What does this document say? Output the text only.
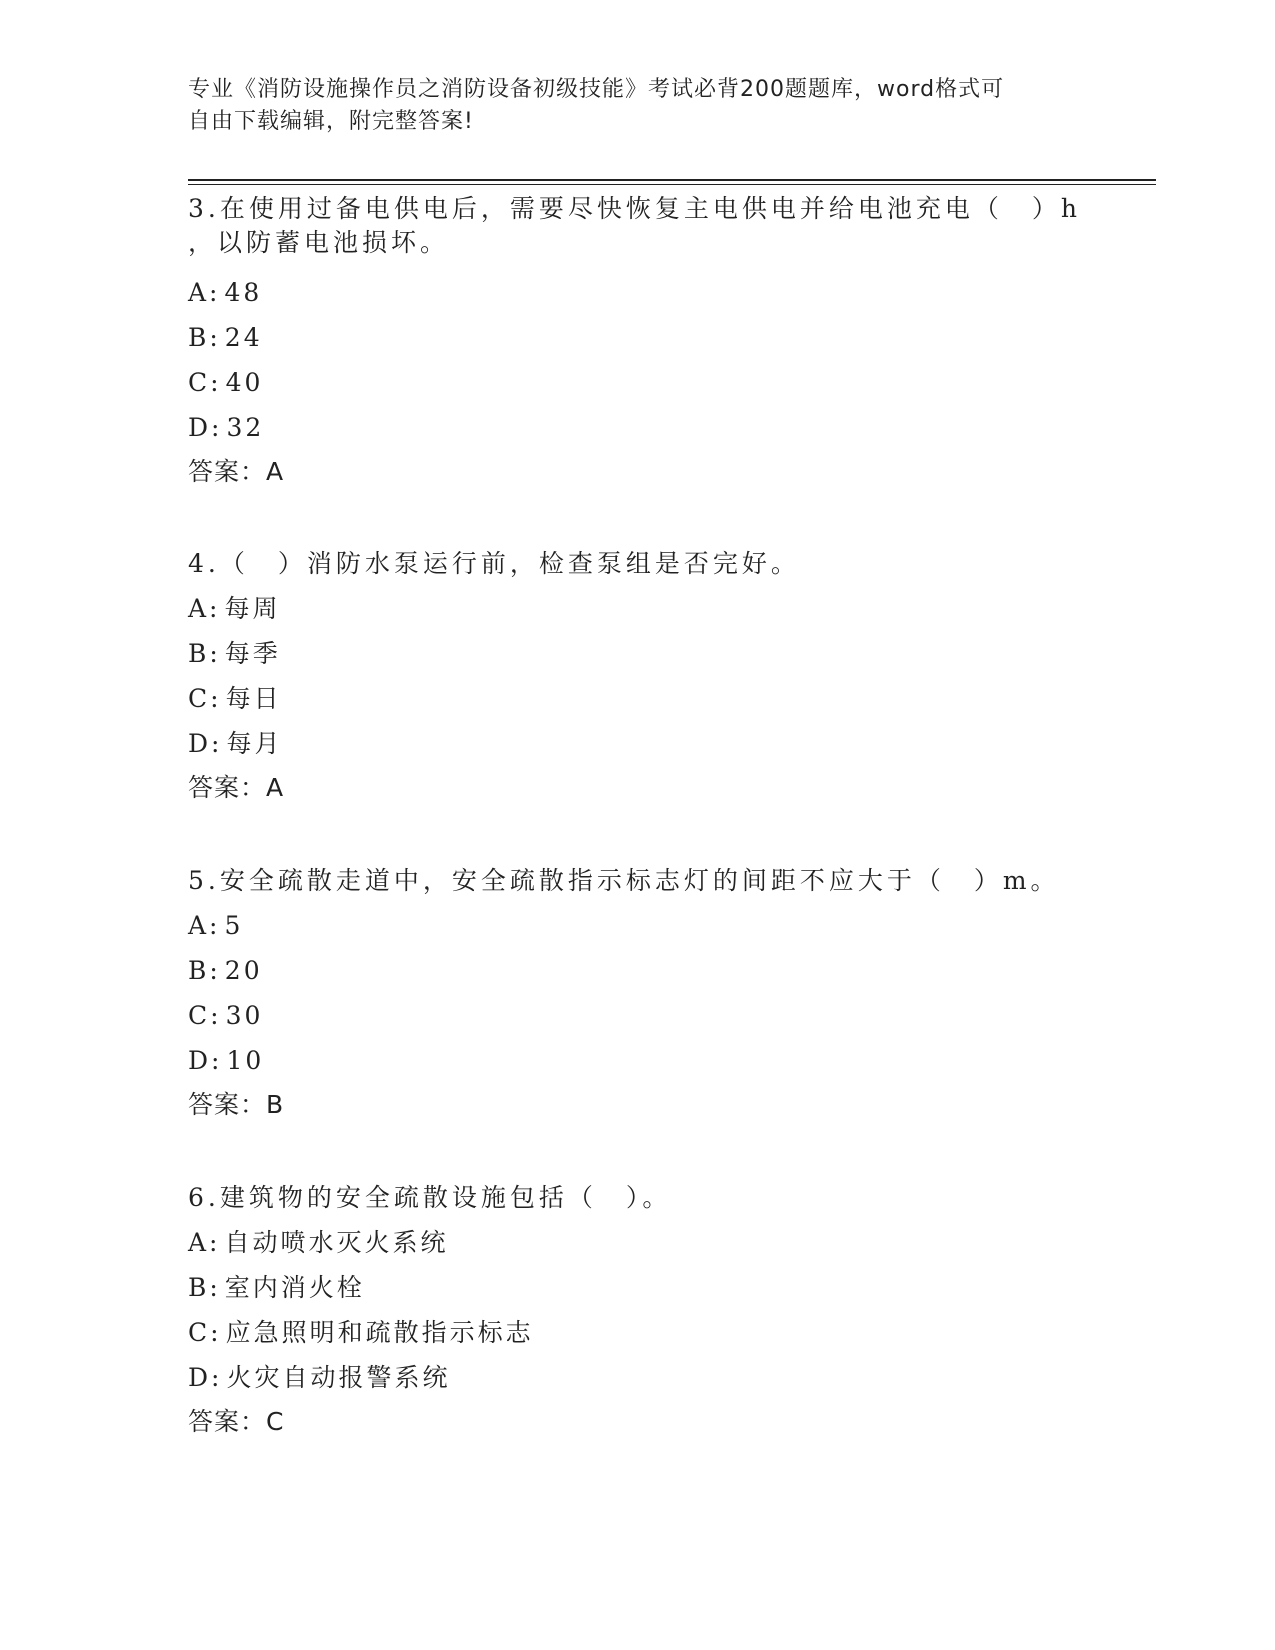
专业《消防设施操作员之消防设备初级技能》考试必背200题题库，word格式可
自由下载编辑，附完整答案!
3.在使用过备电供电后，需要尽快恢复主电供电并给电池充电（　）h
，以防蓄电池损坏。
A: 48
B: 24
C: 40
D: 32
答案：A
4.（　）消防水泵运行前，检查泵组是否完好。
A: 每周
B: 每季
C: 每日
D: 每月
答案：A
5.安全疏散走道中，安全疏散指示标志灯的间距不应大于（　）m。
A: 5
B: 20
C: 30
D: 10
答案：B
6.建筑物的安全疏散设施包括（　）。
A: 自动喷水灭火系统
B: 室内消火栓
C: 应急照明和疏散指示标志
D: 火灾自动报警系统
答案：C
